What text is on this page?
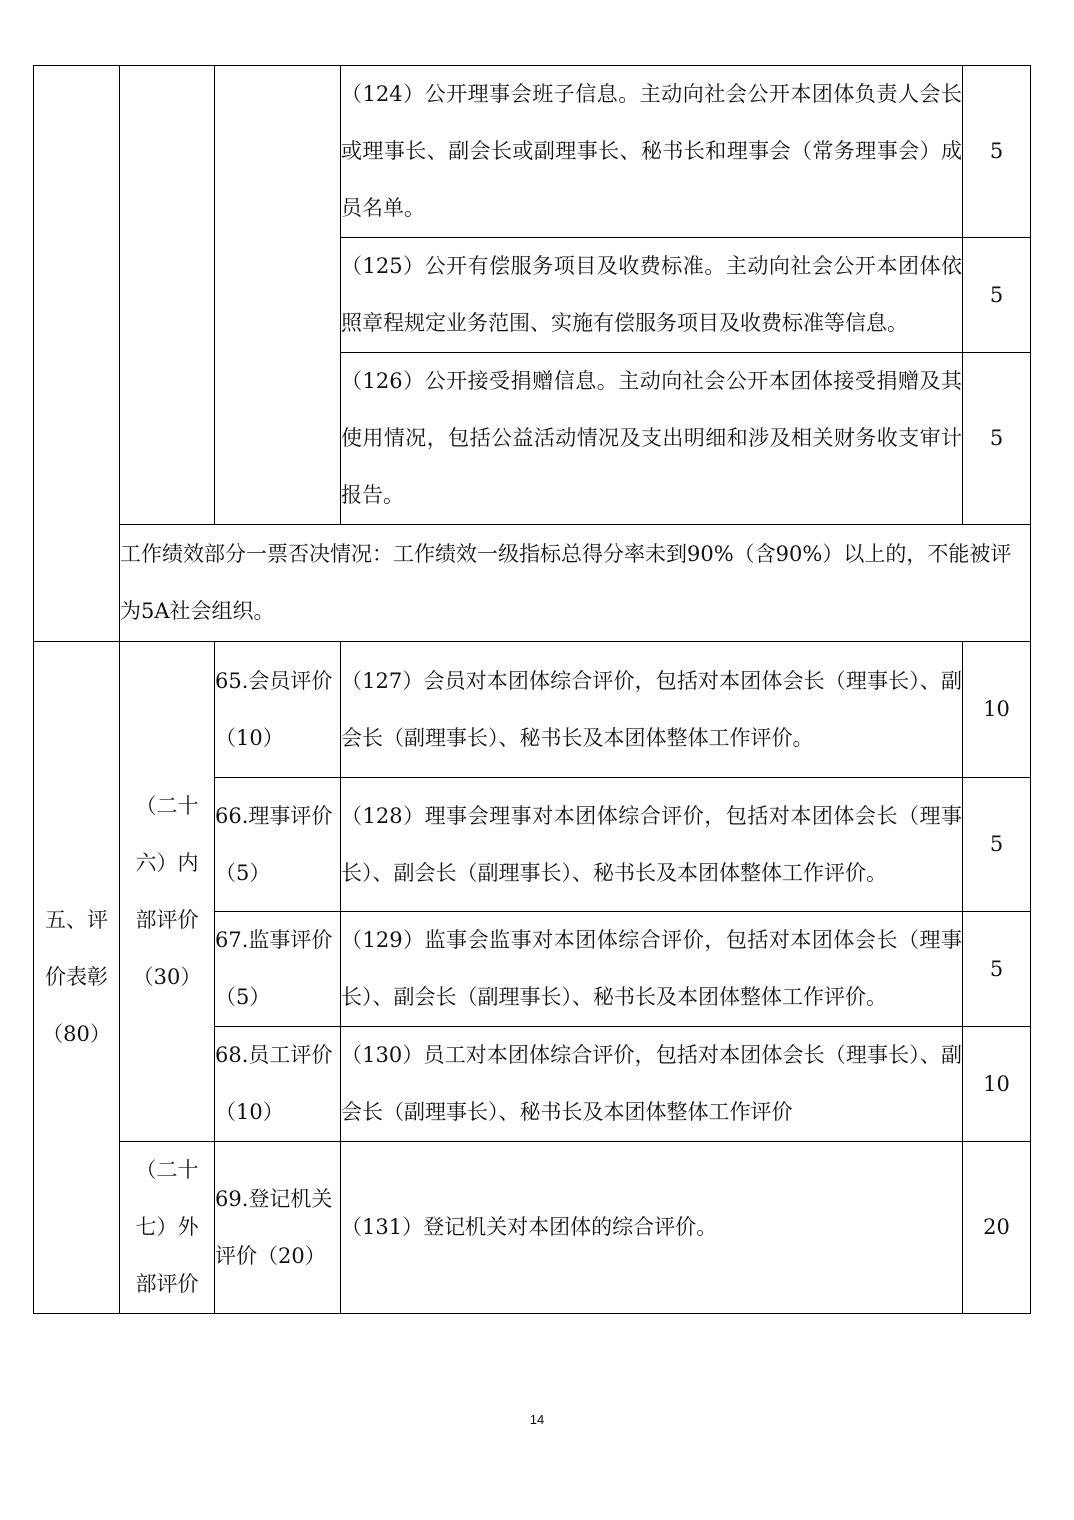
			（124）公开理事会班子信息。主动向社会公开本团体负责人会长或理事长、副会长或副理事长、秘书长和理事会（常务理事会）成员名单。	5
			（125）公开有偿服务项目及收费标准。主动向社会公开本团体依照章程规定业务范围、实施有偿服务项目及收费标准等信息。	5
			（126）公开接受捐赠信息。主动向社会公开本团体接受捐赠及其使用情况，包括公益活动情况及支出明细和涉及相关财务收支审计报告。	5
	工作绩效部分一票否决情况：工作绩效一级指标总得分率未到90%（含90%）以上的，不能被评为5A社会组织。			
五、评价表彰（80）	（二十六）内部评价（30）	65.会员评价（10）	（127）会员对本团体综合评价，包括对本团体会长（理事长）、副会长（副理事长）、秘书长及本团体整体工作评价。	10
		66.理事评价（5）	（128）理事会理事对本团体综合评价，包括对本团体会长（理事长）、副会长（副理事长）、秘书长及本团体整体工作评价。	5
		67.监事评价（5）	（129）监事会监事对本团体综合评价，包括对本团体会长（理事长）、副会长（副理事长）、秘书长及本团体整体工作评价。	5
		68.员工评价（10）	（130）员工对本团体综合评价，包括对本团体会长（理事长）、副会长（副理事长）、秘书长及本团体整体工作评价	10
	（二十七）外部评价	69.登记机关评价（20）	（131）登记机关对本团体的综合评价。	20
14
